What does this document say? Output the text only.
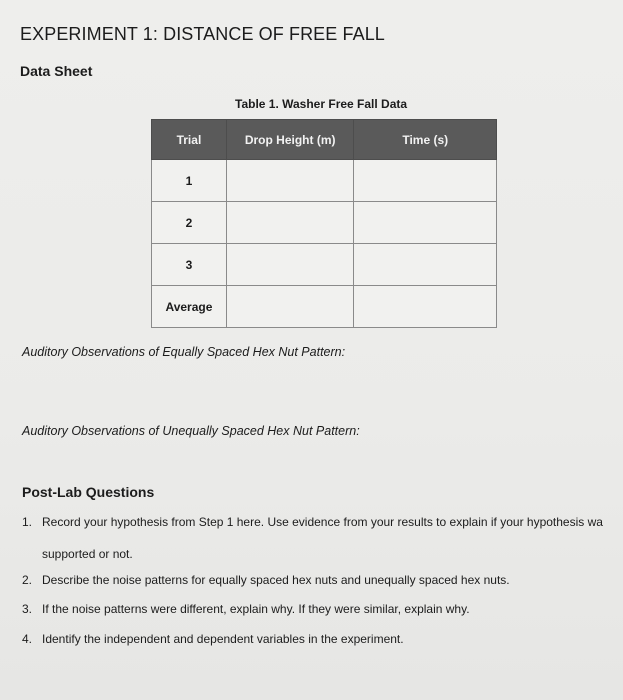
EXPERIMENT 1: DISTANCE OF FREE FALL
Data Sheet
Table 1. Washer Free Fall Data
Trial	Drop Height (m)	Time (s)
1		
2		
3		
Average		
Auditory Observations of Equally Spaced Hex Nut Pattern:
Auditory Observations of Unequally Spaced Hex Nut Pattern:
Post-Lab Questions
1. Record your hypothesis from Step 1 here. Use evidence from your results to explain if your hypothesis wa
supported or not.
2. Describe the noise patterns for equally spaced hex nuts and unequally spaced hex nuts.
3. If the noise patterns were different, explain why. If they were similar, explain why.
4. Identify the independent and dependent variables in the experiment.
